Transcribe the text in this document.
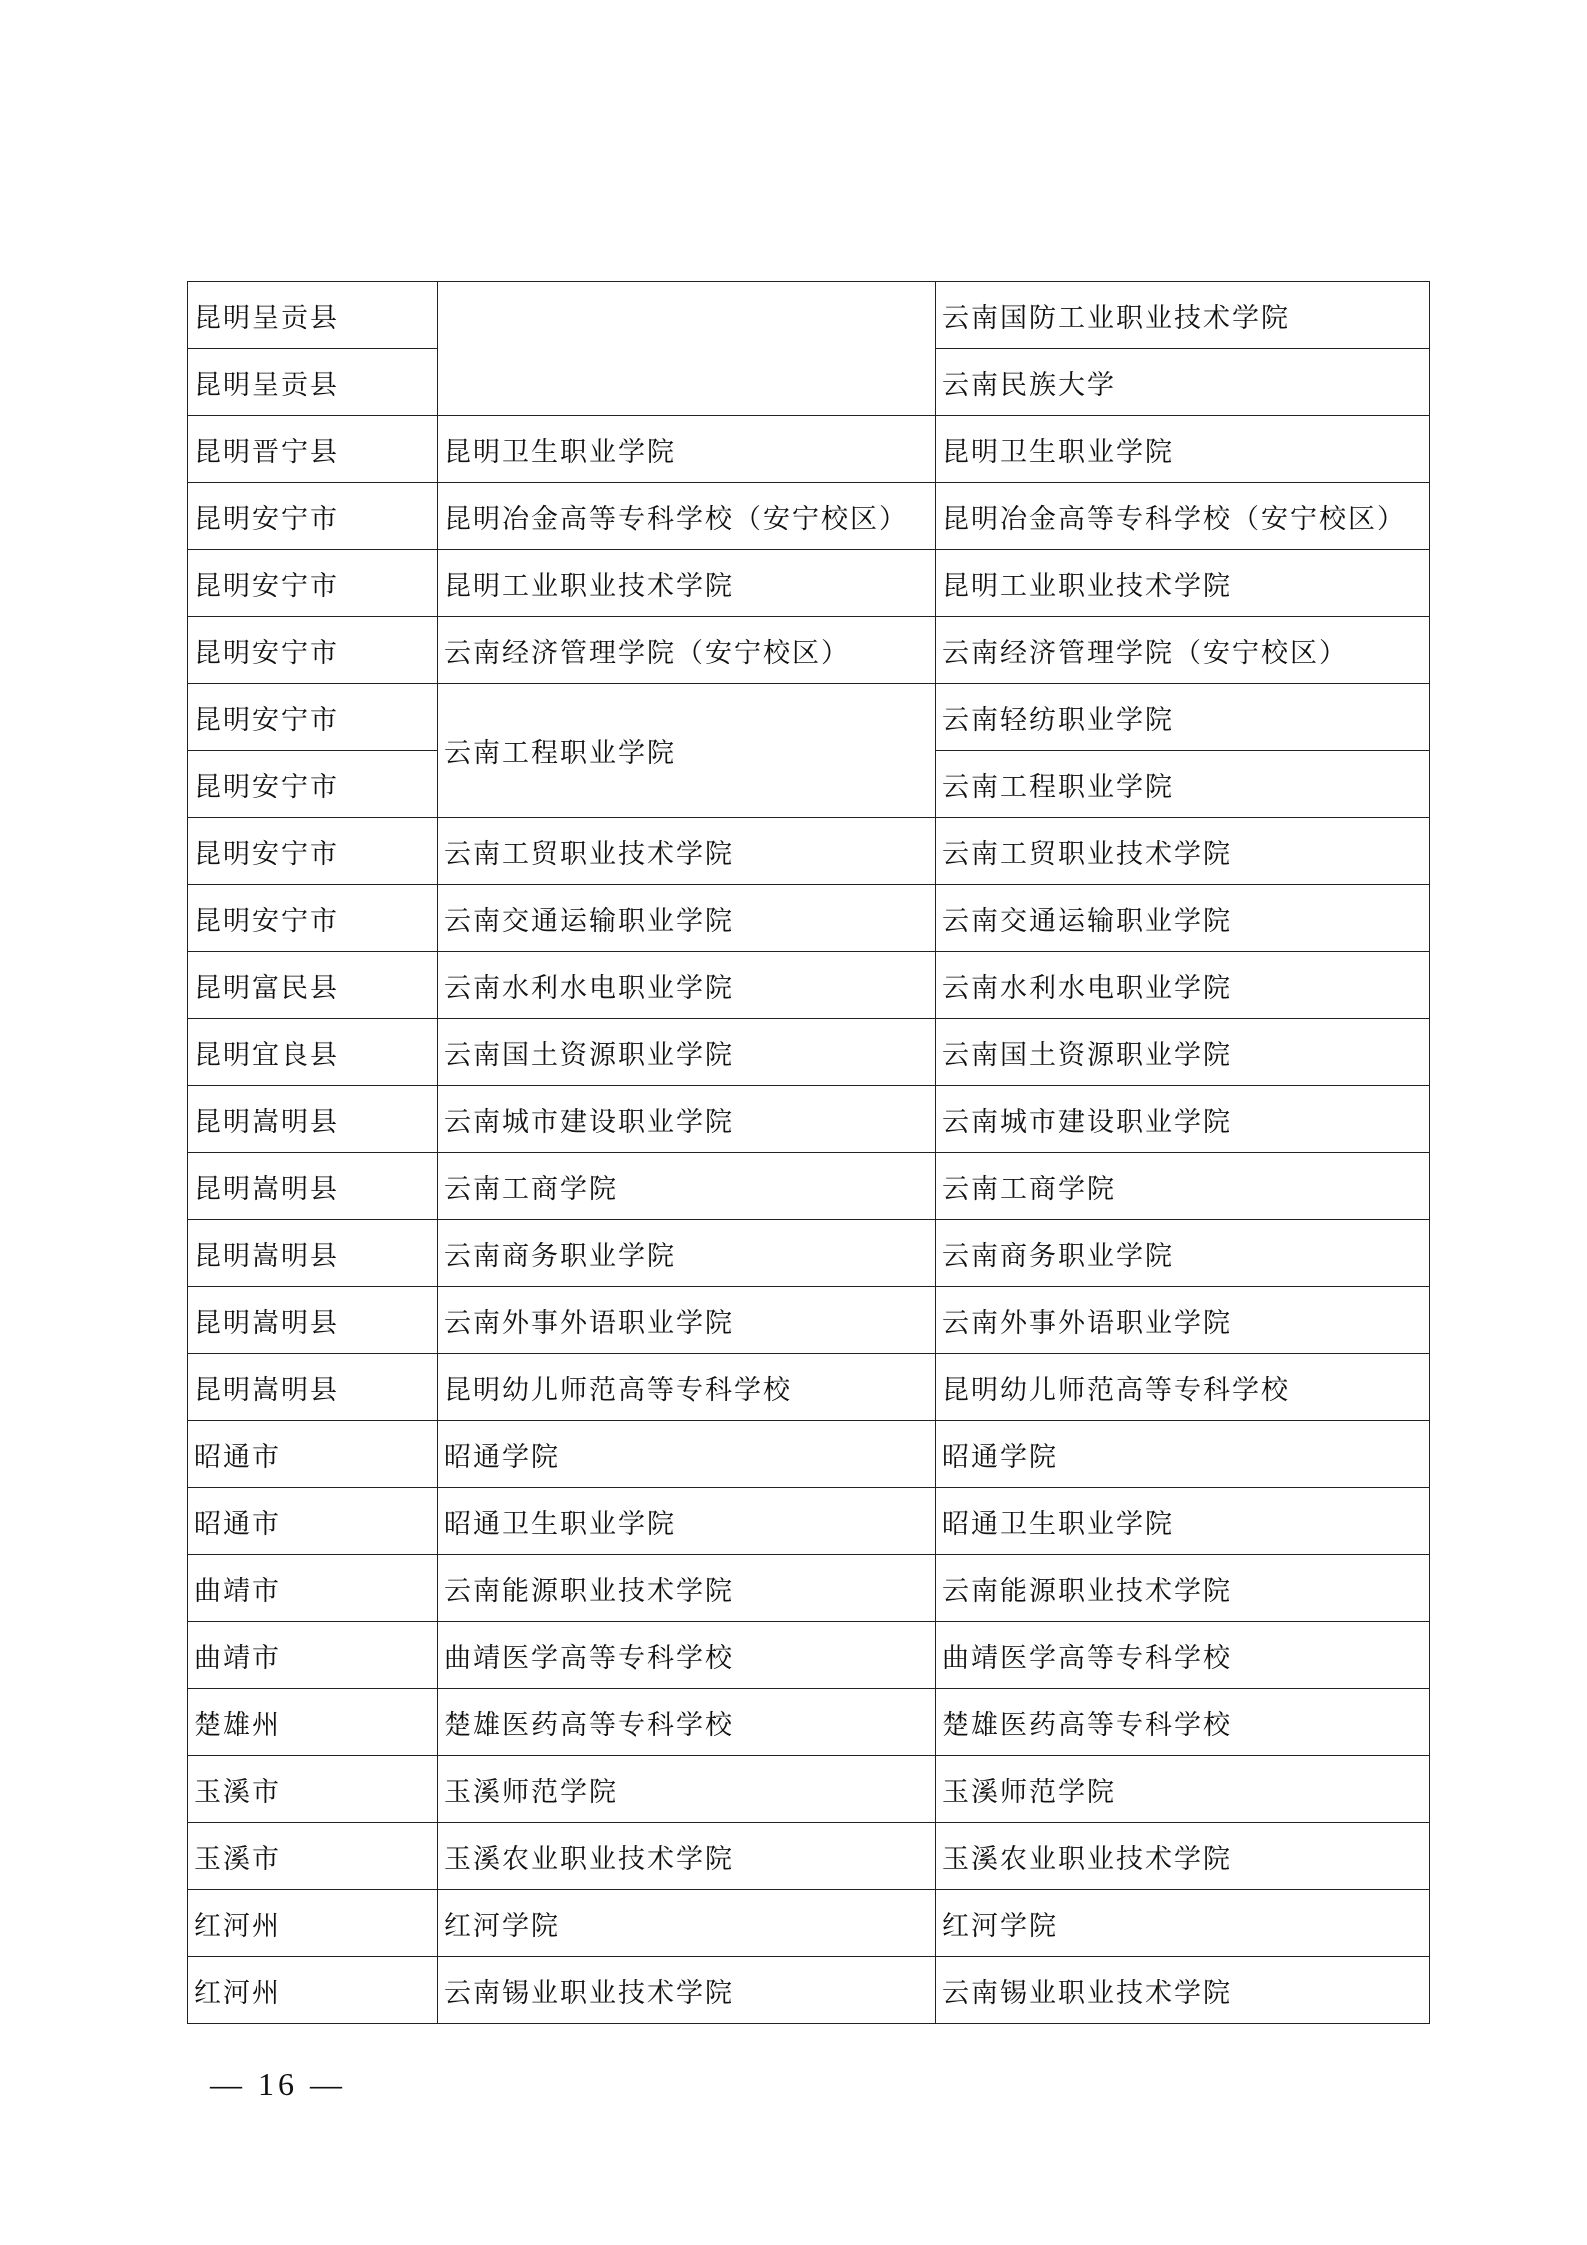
昆明呈贡县		云南国防工业职业技术学院
昆明呈贡县		云南民族大学
昆明晋宁县	昆明卫生职业学院	昆明卫生职业学院
昆明安宁市	昆明冶金高等专科学校（安宁校区）	昆明冶金高等专科学校（安宁校区）
昆明安宁市	昆明工业职业技术学院	昆明工业职业技术学院
昆明安宁市	云南经济管理学院（安宁校区）	云南经济管理学院（安宁校区）
昆明安宁市	云南工程职业学院	云南轻纺职业学院
昆明安宁市		云南工程职业学院
昆明安宁市	云南工贸职业技术学院	云南工贸职业技术学院
昆明安宁市	云南交通运输职业学院	云南交通运输职业学院
昆明富民县	云南水利水电职业学院	云南水利水电职业学院
昆明宜良县	云南国土资源职业学院	云南国土资源职业学院
昆明嵩明县	云南城市建设职业学院	云南城市建设职业学院
昆明嵩明县	云南工商学院	云南工商学院
昆明嵩明县	云南商务职业学院	云南商务职业学院
昆明嵩明县	云南外事外语职业学院	云南外事外语职业学院
昆明嵩明县	昆明幼儿师范高等专科学校	昆明幼儿师范高等专科学校
昭通市	昭通学院	昭通学院
昭通市	昭通卫生职业学院	昭通卫生职业学院
曲靖市	云南能源职业技术学院	云南能源职业技术学院
曲靖市	曲靖医学高等专科学校	曲靖医学高等专科学校
楚雄州	楚雄医药高等专科学校	楚雄医药高等专科学校
玉溪市	玉溪师范学院	玉溪师范学院
玉溪市	玉溪农业职业技术学院	玉溪农业职业技术学院
红河州	红河学院	红河学院
红河州	云南锡业职业技术学院	云南锡业职业技术学院
— 16 —
